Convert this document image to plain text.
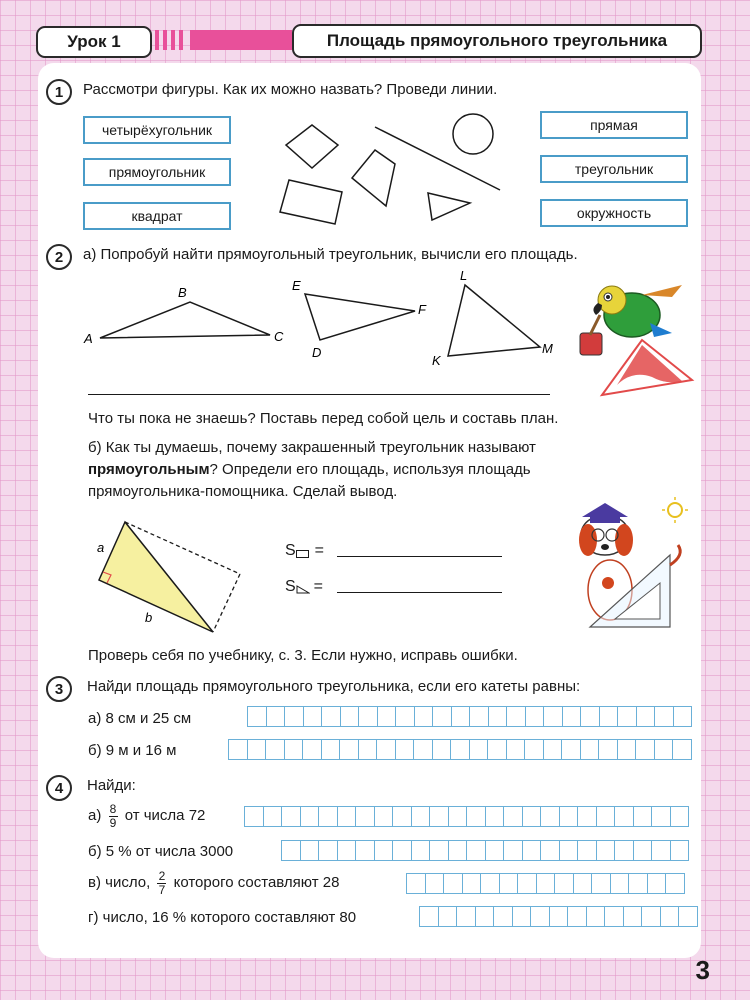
Урок 1	Площадь прямоугольного треугольника
1 Рассмотри фигуры. Как их можно назвать? Проведи линии.
четырёхугольник
прямоугольник
квадрат
прямая
треугольник
окружность
2 а) Попробуй найти прямоугольный треугольник, вычисли его площадь.
A
B
C
E
F
D
L
K
M
Что ты пока не знаешь? Поставь перед собой цель и составь план.
б) Как ты думаешь, почему закрашенный треугольник называют
прямоугольным? Определи его площадь, используя площадь
прямоугольника-помощника. Сделай вывод.
a
b
S =
S =
Проверь себя по учебнику, с. 3. Если нужно, исправь ошибки.
3 Найди площадь прямоугольного треугольника, если его катеты равны:
а) 8 см и 25 см
б) 9 м и 16 м
4 Найди:
$а) \frac{8}{9}$ от числа 72
б) 5 % от числа 3000
в) число, $\frac{2}{7}$ которого составляют 28
г) число, 16 % которого составляют 80
3
